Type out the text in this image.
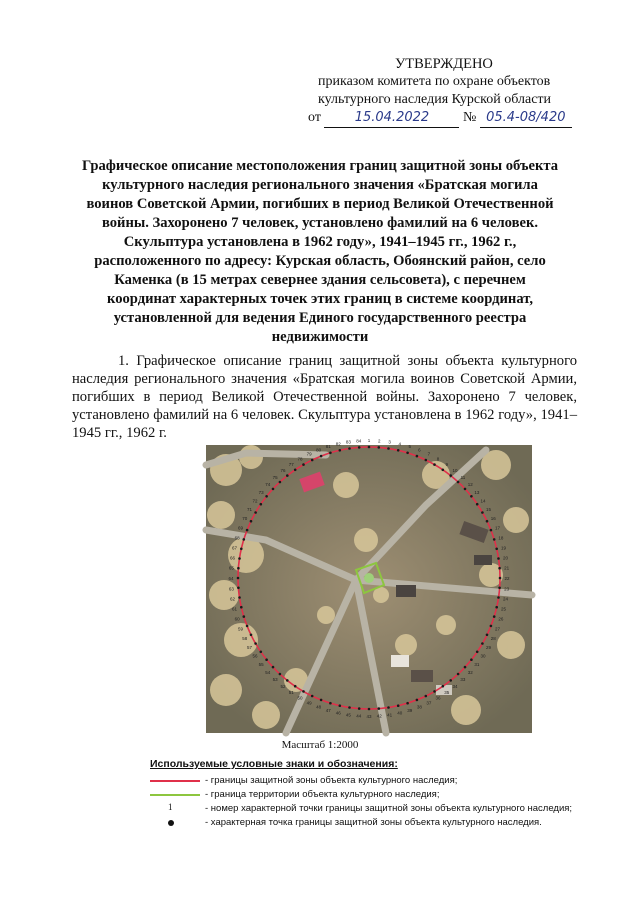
УТВЕРЖДЕНО
приказом комитета по охране объектов
культурного наследия Курской области
от	15.04.2022 № 05.4-08/420
Графическое описание местоположения границ защитной зоны объекта культурного наследия регионального значения «Братская могила воинов Советской Армии, погибших в период Великой Отечественной войны. Захоронено 7 человек, установлено фамилий на 6 человек. Скульптура установлена в 1962 году», 1941–1945 гг., 1962 г., расположенного по адресу: Курская область, Обоянский район, село Каменка (в 15 метрах севернее здания сельсовета), с перечнем координат характерных точек этих границ в системе координат, установленной для ведения Единого государственного реестра недвижимости
1. Графическое описание границ защитной зоны объекта культурного наследия регионального значения «Братская могила воинов Советской Армии, погибших в период Великой Отечественной войны. Захоронено 7 человек, установлено фамилий на 6 человек. Скульптура установлена в 1962 году», 1941–1945 гг., 1962 г.	1 2 3 4
5
6
7
8
9
10
11
12
13
14
15
16
17
18
19
20
21
22
23
24
25
26
27
28
29
30
31
32
33
34
35
36
37
38
39
40
41
42
43
44
45
46
47
48
49
50
51
52
53
54
55
56
57
58
59
60
61
62
63
64
65
66
67
68
69
70
71
72
73
74
75
76
77
78
79
80
81
82 83 84
Масштаб 1:2000
Используемые условные знаки и обозначения:
- границы защитной зоны объекта культурного наследия;
- граница территории объекта культурного наследия;
1	- номер характерной точки границы защитной зоны объекта культурного наследия;
- характерная точка границы защитной зоны объекта культурного наследия.
